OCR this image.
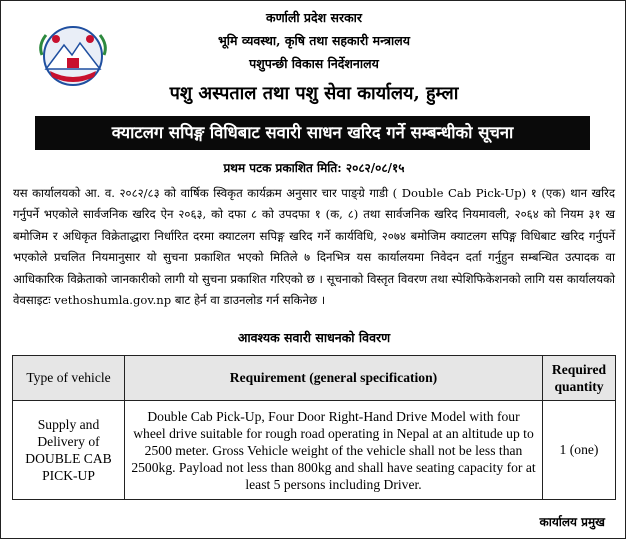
कर्णाली प्रदेश सरकार
भूमि व्यवस्था, कृषि तथा सहकारी मन्त्रालय
पशुपन्छी विकास निर्देशनालय
पशु अस्पताल तथा पशु सेवा कार्यालय, हुम्ला
क्याटलग सपिङ्ग विधिबाट सवारी साधन खरिद गर्ने सम्बन्धीको सूचना
प्रथम पटक प्रकाशित मिति: २०८२/०८/१५
यस कार्यालयको आ. व. २०८२/८३ को वार्षिक स्विकृत कार्यक्रम अनुसार चार पाङ्ग्रे गाडी ( Double Cab Pick-Up) १ (एक) थान खरिद गर्नुपर्ने भएकोले सार्वजनिक खरिद ऐन २०६३, को दफा ८ को उपदफा १ (क, ८) तथा सार्वजनिक खरिद नियमावली, २०६४ को नियम ३१ ख बमोजिम र अधिकृत विक्रेताद्धारा निर्धारित दरमा क्याटलग सपिङ्ग खरिद गर्ने कार्यविधि, २०७४ बमोजिम क्याटलग सपिङ्ग विधिबाट खरिद गर्नुपर्ने भएकोले प्रचलित नियमानुसार यो सुचना प्रकाशित भएको मितिले ७ दिनभित्र यस कार्यालयमा निवेदन दर्ता गर्नुहुन सम्बन्धित उत्पादक वा आधिकारिक विक्रेताको जानकारीको लागी यो सुचना प्रकाशित गरिएको छ । सूचनाको विस्तृत विवरण तथा स्पेशिफिकेशनको लागि यस कार्यालयको वेवसाइटः vethoshumla.gov.np बाट हेर्न वा डाउनलोड गर्न सकिनेछ ।
आवश्यक सवारी साधनको विवरण
Type of vehicle	Requirement (general specification)	Required quantity
Supply and Delivery of DOUBLE CAB PICK-UP	Double Cab Pick-Up, Four Door Right-Hand Drive Model with four wheel drive suitable for rough road operating in Nepal at an altitude up to 2500 meter. Gross Vehicle weight of the vehicle shall not be less than 2500kg. Payload not less than 800kg and shall have seating capacity for at least 5 persons including Driver.	1 (one)
कार्यालय प्रमुख
